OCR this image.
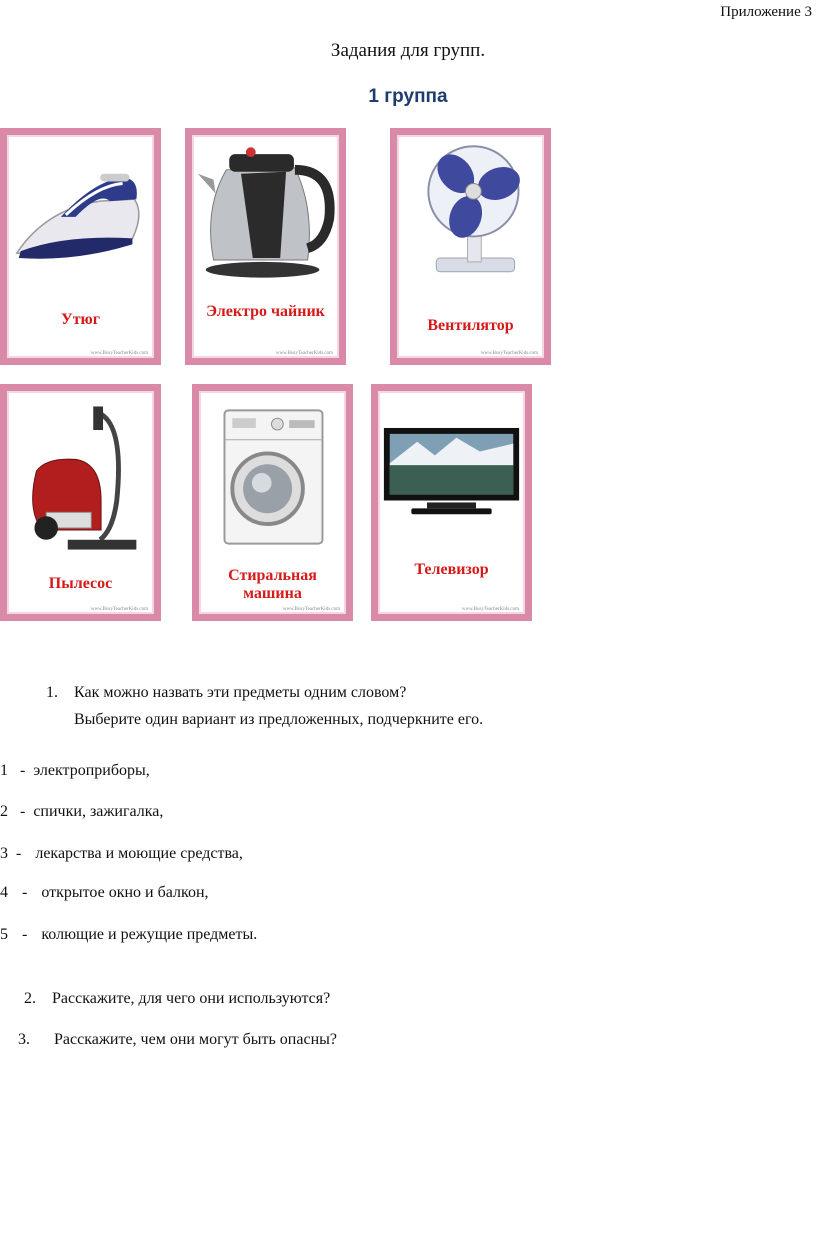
Приложение 3
Задания для групп.
1 группа
Утюг
www.BusyTeacherKids.com
Электро чайник
www.BusyTeacherKids.com
Вентилятор
www.BusyTeacherKids.com
Пылесос
www.BusyTeacherKids.com
Стиральная машина
www.BusyTeacherKids.com
Телевизор
www.BusyTeacherKids.com
1. Как можно назвать эти предметы одним словом?
Выберите один вариант из предложенных, подчеркните его.
1 - электроприборы,
2 - спички, зажигалка,
3 - лекарства и моющие средства,
4 - открытое окно и балкон,
5 - колющие и режущие предметы.
2. Расскажите, для чего они используются?
3. Расскажите, чем они могут быть опасны?
